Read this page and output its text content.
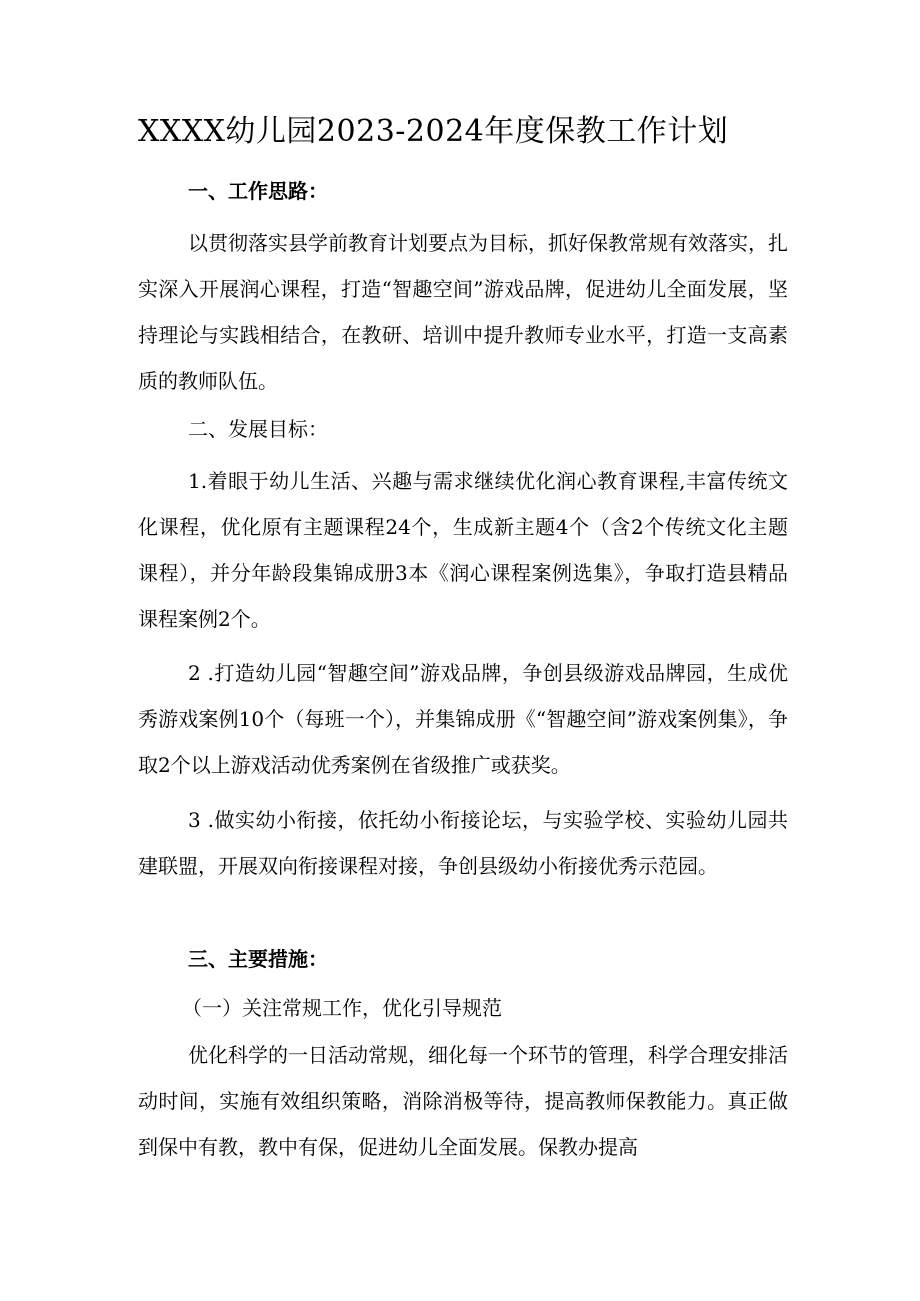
XXXX幼儿园2023-2024年度保教工作计划
一、工作思路：

以贯彻落实县学前教育计划要点为目标，抓好保教常规有效落实，扎实深入开展润心课程，打造“智趣空间”游戏品牌，促进幼儿全面发展，坚持理论与实践相结合，在教研、培训中提升教师专业水平，打造一支高素质的教师队伍。

二、发展目标：

1.着眼于幼儿生活、兴趣与需求继续优化润心教育课程,丰富传统文化课程，优化原有主题课程24个，生成新主题4个（含2个传统文化主题课程），并分年龄段集锦成册3本《润心课程案例选集》，争取打造县精品课程案例2个。

2 .打造幼儿园“智趣空间”游戏品牌，争创县级游戏品牌园，生成优秀游戏案例10个（每班一个），并集锦成册《“智趣空间”游戏案例集》，争取2个以上游戏活动优秀案例在省级推广或获奖。

3 .做实幼小衔接，依托幼小衔接论坛，与实验学校、实验幼儿园共建联盟，开展双向衔接课程对接，争创县级幼小衔接优秀示范园。

三、主要措施：
（一）关注常规工作，优化引导规范

优化科学的一日活动常规，细化每一个环节的管理，科学合理安排活动时间，实施有效组织策略，消除消极等待，提高教师保教能力。真正做到保中有教，教中有保，促进幼儿全面发展。保教办提高
